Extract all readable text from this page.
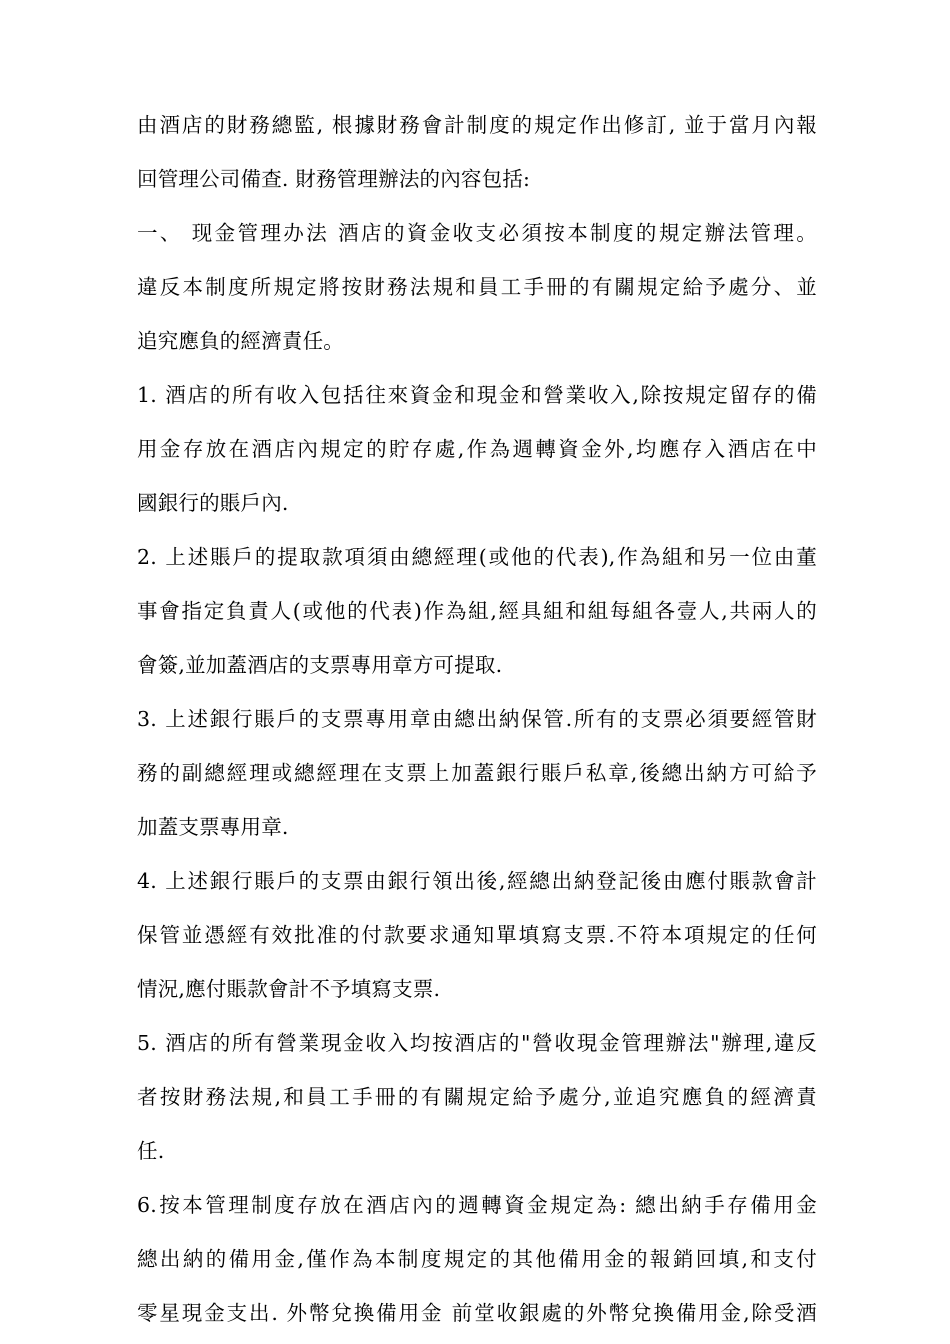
由酒店的財務總監, 根據財務會計制度的規定作出修訂, 並于當月內報
回管理公司備查. 財務管理辦法的內容包括:
一、 现金管理办法 酒店的資金收支必須按本制度的規定辦法管理。
違反本制度所規定將按財務法規和員工手冊的有關規定給予處分、並
追究應負的經濟責任。
1. 酒店的所有收入包括往來資金和現金和營業收入,除按規定留存的備
用金存放在酒店內規定的貯存處,作為週轉資金外,均應存入酒店在中
國銀行的賬戶內.
2. 上述賬戶的提取款項須由總經理(或他的代表),作為組和另一位由董
事會指定負責人(或他的代表)作為組,經具組和組每組各壹人,共兩人的
會簽,並加蓋酒店的支票專用章方可提取.
3. 上述銀行賬戶的支票專用章由總出納保管.所有的支票必須要經管財
務的副總經理或總經理在支票上加蓋銀行賬戶私章,後總出納方可給予
加蓋支票專用章.
4. 上述銀行賬戶的支票由銀行領出後,經總出納登記後由應付賬款會計
保管並憑經有效批准的付款要求通知單填寫支票.不符本項規定的任何
情況,應付賬款會計不予填寫支票.
5. 酒店的所有營業現金收入均按酒店的"營收現金管理辦法"辦理,違反
者按財務法規,和員工手冊的有關規定給予處分,並追究應負的經濟責
任.
6.按本管理制度存放在酒店內的週轉資金規定為: 總出納手存備用金
總出納的備用金,僅作為本制度規定的其他備用金的報銷回填,和支付
零星現金支出. 外幣兌換備用金 前堂收銀處的外幣兌換備用金,除受酒
